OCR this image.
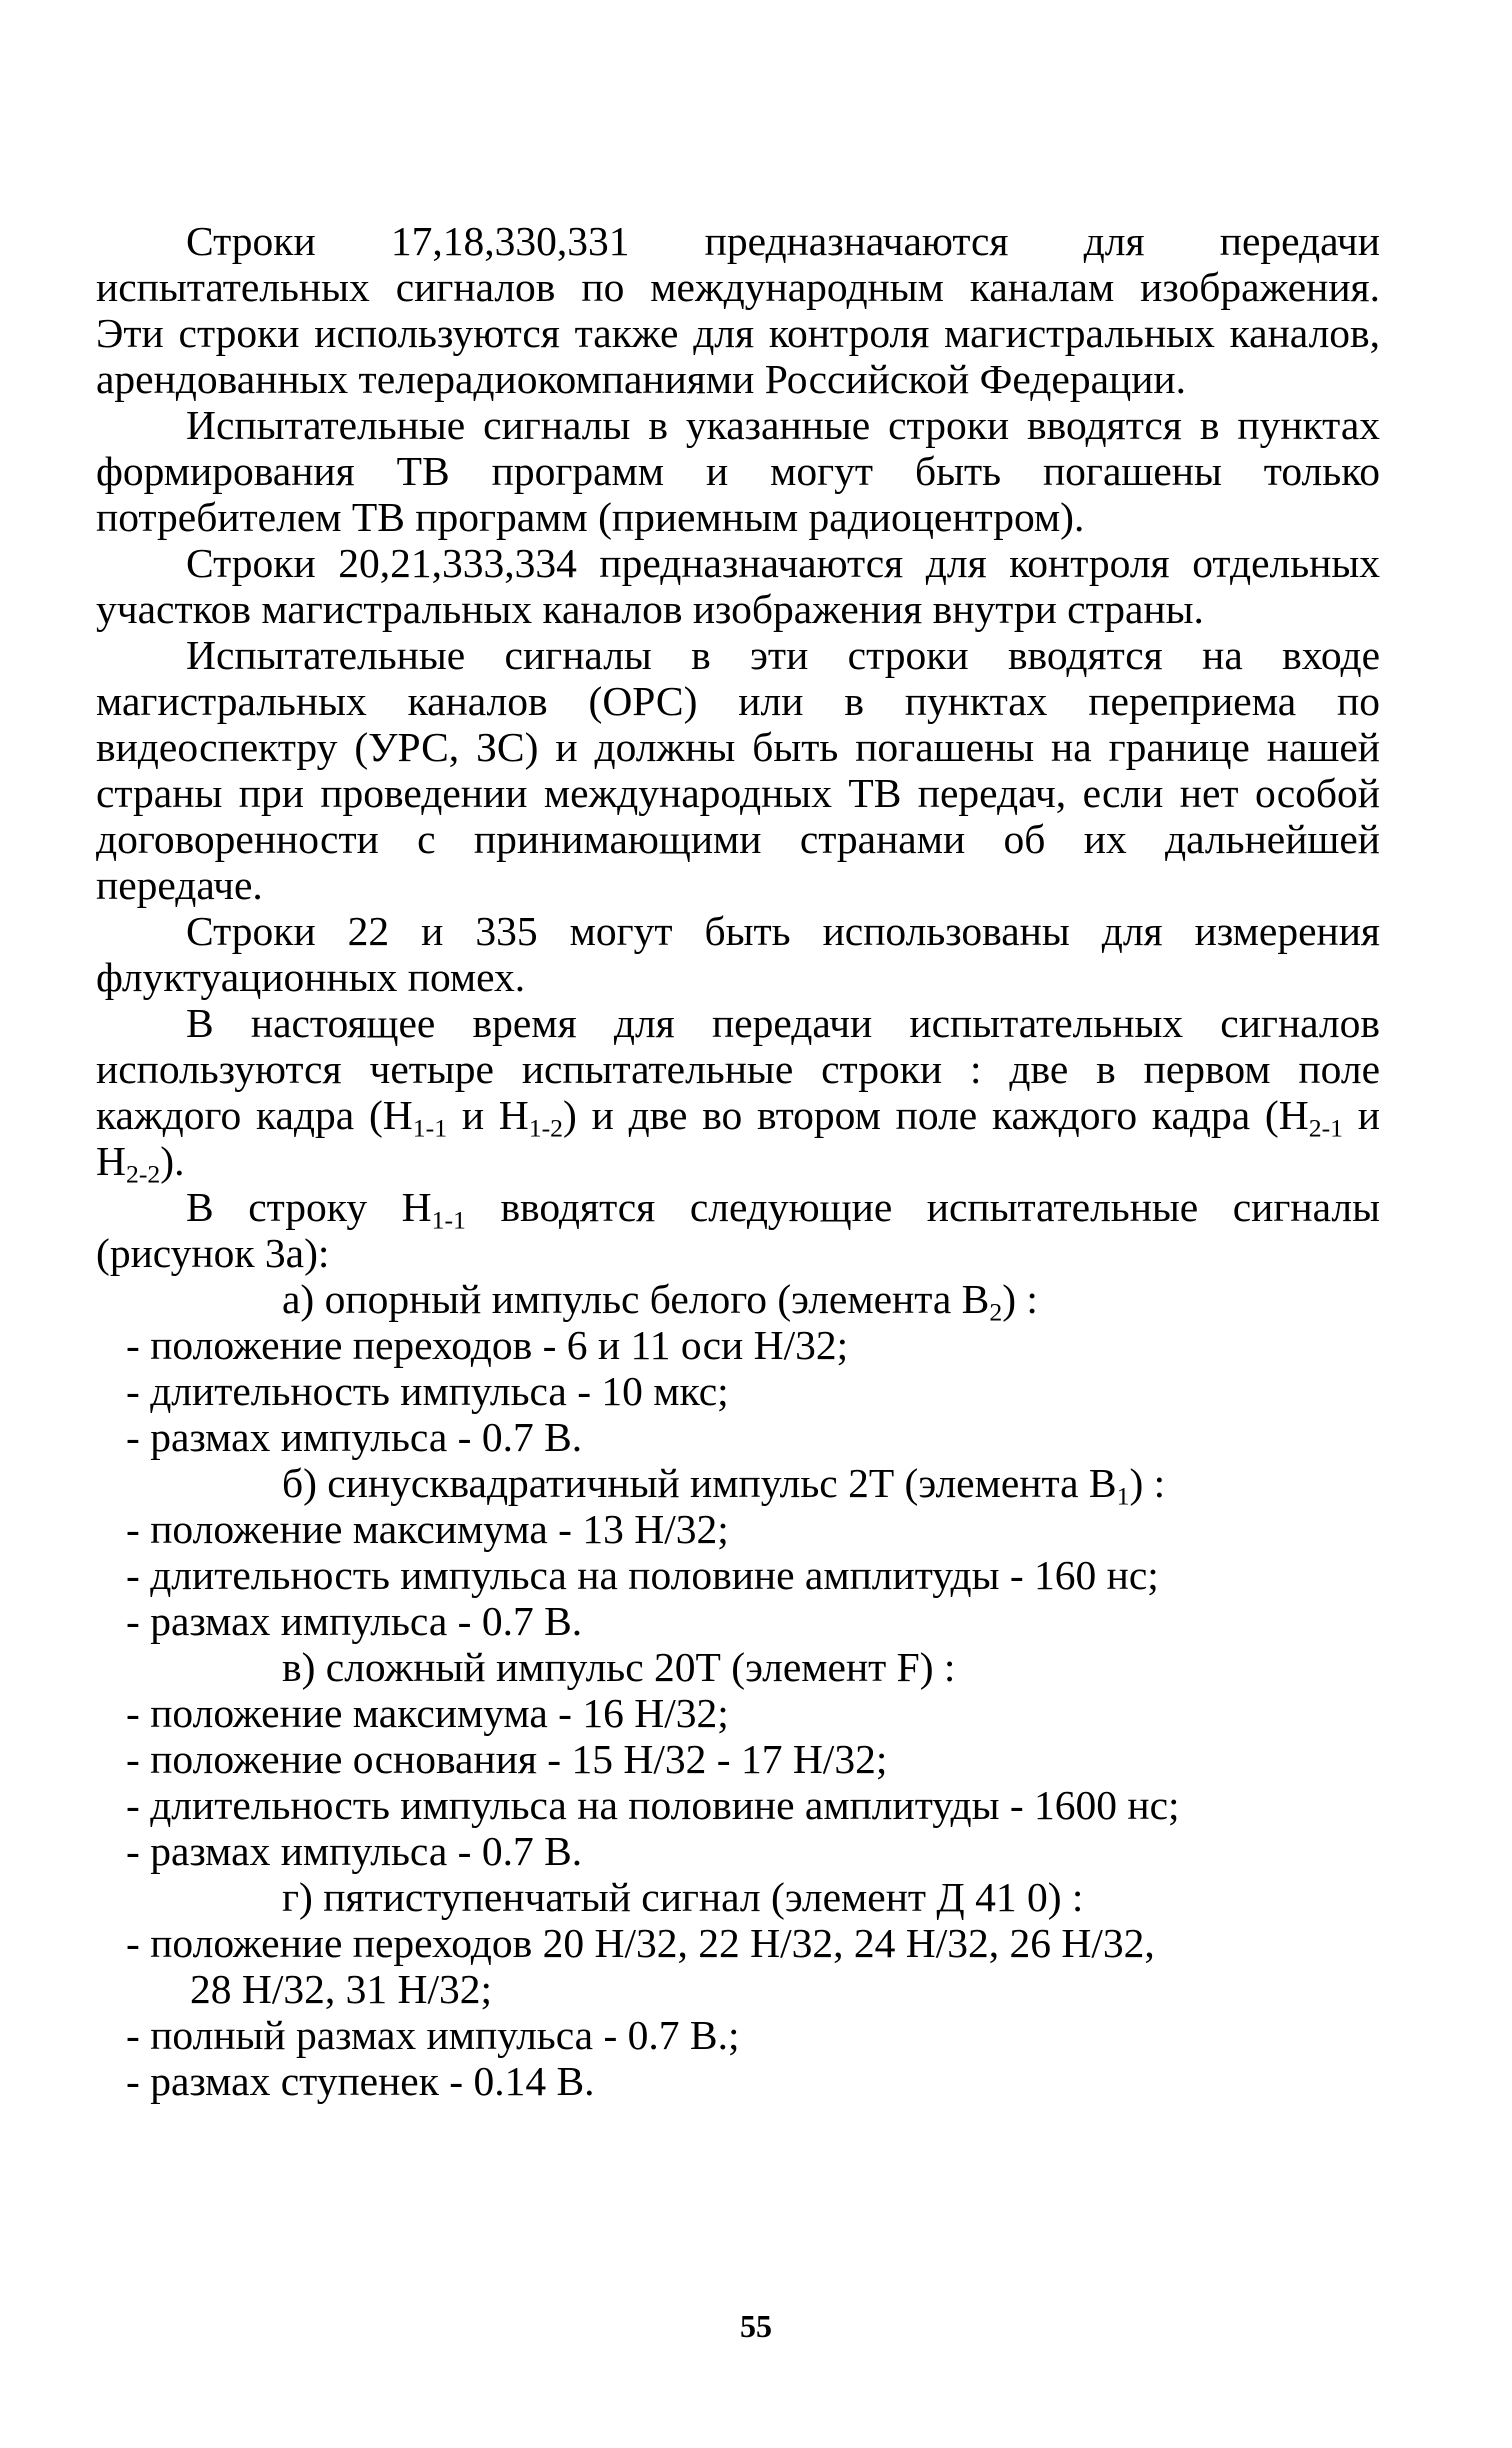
Строки 17,18,330,331 предназначаются для передачи испытательных сигналов по международным каналам изображения. Эти строки используются также для контроля магистральных каналов, арендованных телерадиокомпаниями Российской Федерации.

Испытательные сигналы в указанные строки вводятся в пунктах формирования ТВ программ и могут быть погашены только потребителем ТВ программ (приемным радиоцентром).

Строки 20,21,333,334 предназначаются для контроля отдельных участков магистральных каналов изображения внутри страны.

Испытательные сигналы в эти строки вводятся на входе магистральных каналов (ОРС) или в пунктах переприема по видеоспектру (УРС, ЗС) и должны быть погашены на границе нашей страны при проведении международных ТВ передач, если нет особой договоренности с принимающими странами об их дальнейшей передаче.

Строки 22 и 335 могут быть использованы для измерения флуктуационных помех.

В настоящее время для передачи испытательных сигналов используются четыре испытательные строки : две в первом поле каждого кадра ($H_{1-1}$ и $H_{1-2}$) и две во втором поле каждого кадра ($H_{2-1}$ и $H_{2-2}$).

В строку $H_{1-1}$ вводятся следующие испытательные сигналы (рисунок 3а):

а) опорный импульс белого (элемента $B_2$) :

- положение переходов - 6 и 11 оси H/32;

- длительность импульса - 10 мкс;

- размах импульса - 0.7 В.

б) синусквадратичный импульс 2Т (элемента $B_1$) :

- положение максимума - 13 H/32;

- длительность импульса на половине амплитуды - 160 нс;

- размах импульса - 0.7 В.

в) сложный импульс 20Т (элемент F) :

- положение максимума - 16 H/32;

- положение основания - 15 H/32 - 17 H/32;

- длительность импульса на половине амплитуды - 1600 нс;

- размах импульса - 0.7 В.

г) пятиступенчатый сигнал (элемент Д 41 0) :

- положение переходов 20 H/32, 22 H/32, 24 H/32, 26 H/32,

28 H/32, 31 H/32;

- полный размах импульса - 0.7 В.;

- размах ступенек - 0.14 В.

55
